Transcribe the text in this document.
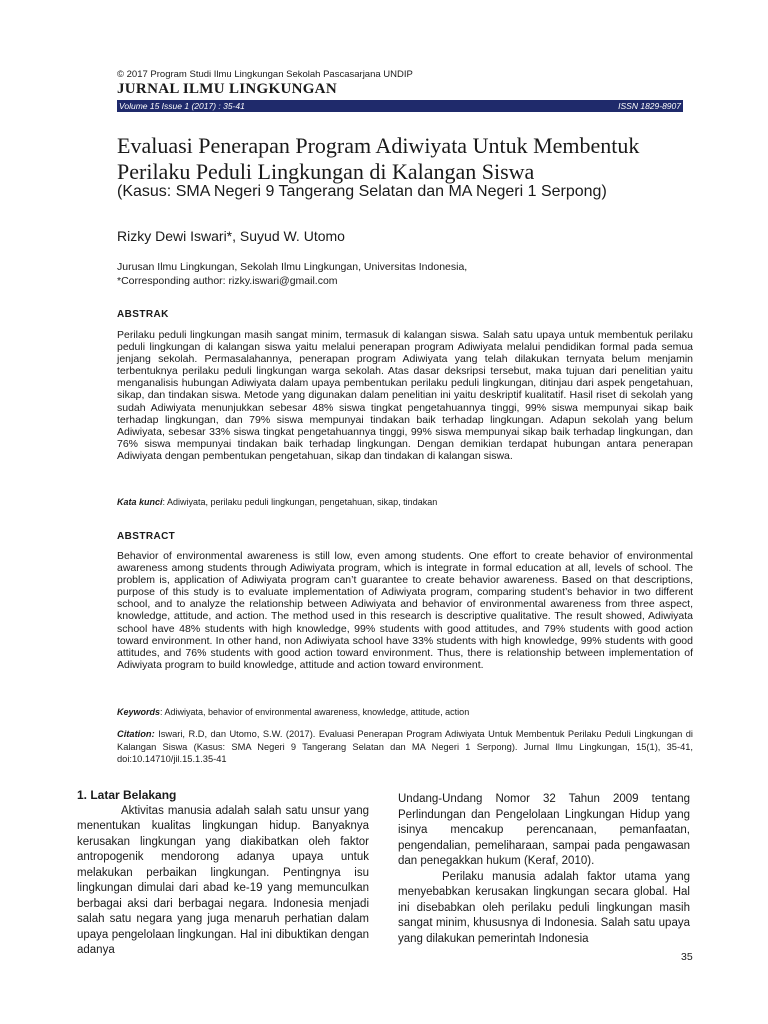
© 2017 Program Studi Ilmu Lingkungan Sekolah Pascasarjana UNDIP
JURNAL ILMU LINGKUNGAN
Volume 15 Issue 1 (2017) : 35-41	ISSN 1829-8907
Evaluasi Penerapan Program Adiwiyata Untuk Membentuk Perilaku Peduli Lingkungan di Kalangan Siswa
(Kasus: SMA Negeri 9 Tangerang Selatan dan MA Negeri 1 Serpong)
Rizky Dewi Iswari*, Suyud W. Utomo
Jurusan Ilmu Lingkungan, Sekolah Ilmu Lingkungan, Universitas Indonesia,
*Corresponding author: rizky.iswari@gmail.com
ABSTRAK
Perilaku peduli lingkungan masih sangat minim, termasuk di kalangan siswa. Salah satu upaya untuk membentuk perilaku peduli lingkungan di kalangan siswa yaitu melalui penerapan program Adiwiyata melalui pendidikan formal pada semua jenjang sekolah. Permasalahannya, penerapan program Adiwiyata yang telah dilakukan ternyata belum menjamin terbentuknya perilaku peduli lingkungan warga sekolah. Atas dasar deksripsi tersebut, maka tujuan dari penelitian yaitu menganalisis hubungan Adiwiyata dalam upaya pembentukan perilaku peduli lingkungan, ditinjau dari aspek pengetahuan, sikap, dan tindakan siswa. Metode yang digunakan dalam penelitian ini yaitu deskriptif kualitatif. Hasil riset di sekolah yang sudah Adiwiyata menunjukkan sebesar 48% siswa tingkat pengetahuannya tinggi, 99% siswa mempunyai sikap baik terhadap lingkungan, dan 79% siswa mempunyai tindakan baik terhadap lingkungan. Adapun sekolah yang belum Adiwiyata, sebesar 33% siswa tingkat pengetahuannya tinggi, 99% siswa mempunyai sikap baik terhadap lingkungan, dan 76% siswa mempunyai tindakan baik terhadap lingkungan. Dengan demikian terdapat hubungan antara penerapan Adiwiyata dengan pembentukan pengetahuan, sikap dan tindakan di kalangan siswa.
Kata kunci: Adiwiyata, perilaku peduli lingkungan, pengetahuan, sikap, tindakan
ABSTRACT
Behavior of environmental awareness is still low, even among students. One effort to create behavior of environmental awareness among students through Adiwiyata program, which is integrate in formal education at all, levels of school. The problem is, application of Adiwiyata program can’t guarantee to create behavior awareness. Based on that descriptions, purpose of this study is to evaluate implementation of Adiwiyata program, comparing student’s behavior in two different school, and to analyze the relationship between Adiwiyata and behavior of environmental awareness from three aspect, knowledge, attitude, and action. The method used in this research is descriptive qualitative. The result showed, Adiwiyata school have 48% students with high knowledge, 99% students with good attitudes, and 79% students with good action toward environment. In other hand, non Adiwiyata school have 33% students with high knowledge, 99% students with good attitudes, and 76% students with good action toward environment. Thus, there is relationship between implementation of Adiwiyata program to build knowledge, attitude and action toward environment.
Keywords: Adiwiyata, behavior of environmental awareness, knowledge, attitude, action
Citation: Iswari, R.D, dan Utomo, S.W. (2017). Evaluasi Penerapan Program Adiwiyata Untuk Membentuk Perilaku Peduli Lingkungan di Kalangan Siswa (Kasus: SMA Negeri 9 Tangerang Selatan dan MA Negeri 1 Serpong). Jurnal Ilmu Lingkungan, 15(1), 35-41, doi:10.14710/jil.15.1.35-41
1. Latar Belakang

Aktivitas manusia adalah salah satu unsur yang menentukan kualitas lingkungan hidup. Banyaknya kerusakan lingkungan yang diakibatkan oleh faktor antropogenik mendorong adanya upaya untuk melakukan perbaikan lingkungan. Pentingnya isu lingkungan dimulai dari abad ke-19 yang memunculkan berbagai aksi dari berbagai negara. Indonesia menjadi salah satu negara yang juga menaruh perhatian dalam upaya pengelolaan lingkungan. Hal ini dibuktikan dengan adanya

Undang-Undang Nomor 32 Tahun 2009 tentang Perlindungan dan Pengelolaan Lingkungan Hidup yang isinya mencakup perencanaan, pemanfaatan, pengendalian, pemeliharaan, sampai pada pengawasan dan penegakkan hukum (Keraf, 2010).

Perilaku manusia adalah faktor utama yang menyebabkan kerusakan lingkungan secara global. Hal ini disebabkan oleh perilaku peduli lingkungan masih sangat minim, khususnya di Indonesia. Salah satu upaya yang dilakukan pemerintah Indonesia

35
